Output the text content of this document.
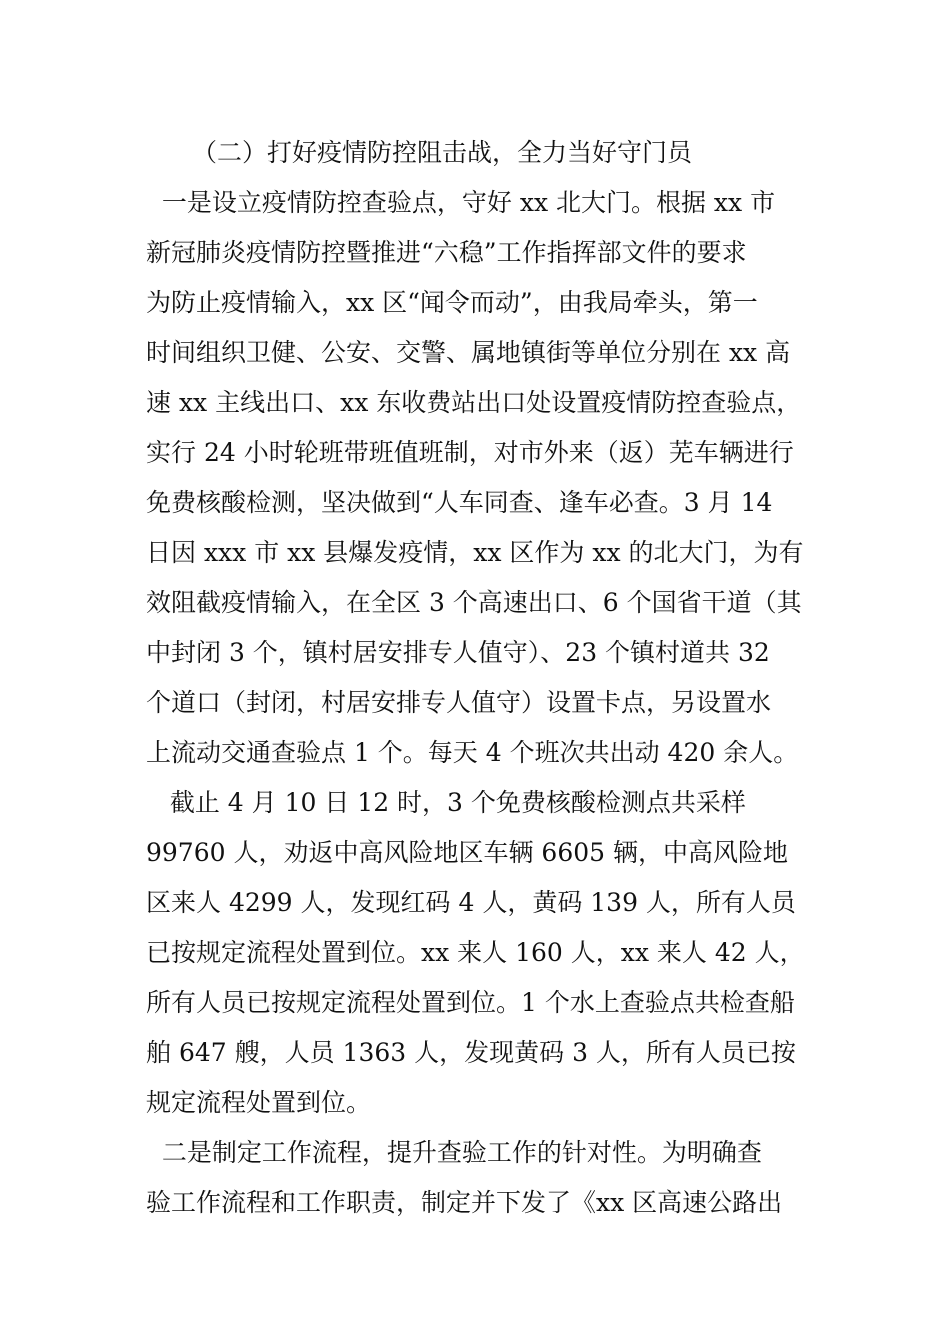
（二）打好疫情防控阻击战，全力当好守门员
一是设立疫情防控查验点，守好 xx 北大门。根据 xx 市
新冠肺炎疫情防控暨推进“六稳”工作指挥部文件的要求
为防止疫情输入，xx 区“闻令而动”，由我局牵头，第一
时间组织卫健、公安、交警、属地镇街等单位分别在 xx 高
速 xx 主线出口、xx 东收费站出口处设置疫情防控查验点，
实行 24 小时轮班带班值班制，对市外来（返）芜车辆进行
免费核酸检测，坚决做到“人车同查、逢车必查。3 月 14
日因 xxx 市 xx 县爆发疫情，xx 区作为 xx 的北大门，为有
效阻截疫情输入，在全区 3 个高速出口、6 个国省干道（其
中封闭 3 个，镇村居安排专人值守）、23 个镇村道共 32
个道口（封闭，村居安排专人值守）设置卡点，另设置水
上流动交通查验点 1 个。每天 4 个班次共出动 420 余人。
截止 4 月 10 日 12 时，3 个免费核酸检测点共采样
99760 人，劝返中高风险地区车辆 6605 辆，中高风险地
区来人 4299 人，发现红码 4 人，黄码 139 人，所有人员
已按规定流程处置到位。xx 来人 160 人，xx 来人 42 人，
所有人员已按规定流程处置到位。1 个水上查验点共检查船
舶 647 艘，人员 1363 人，发现黄码 3 人，所有人员已按
规定流程处置到位。
二是制定工作流程，提升查验工作的针对性。为明确查
验工作流程和工作职责，制定并下发了《xx 区高速公路出
